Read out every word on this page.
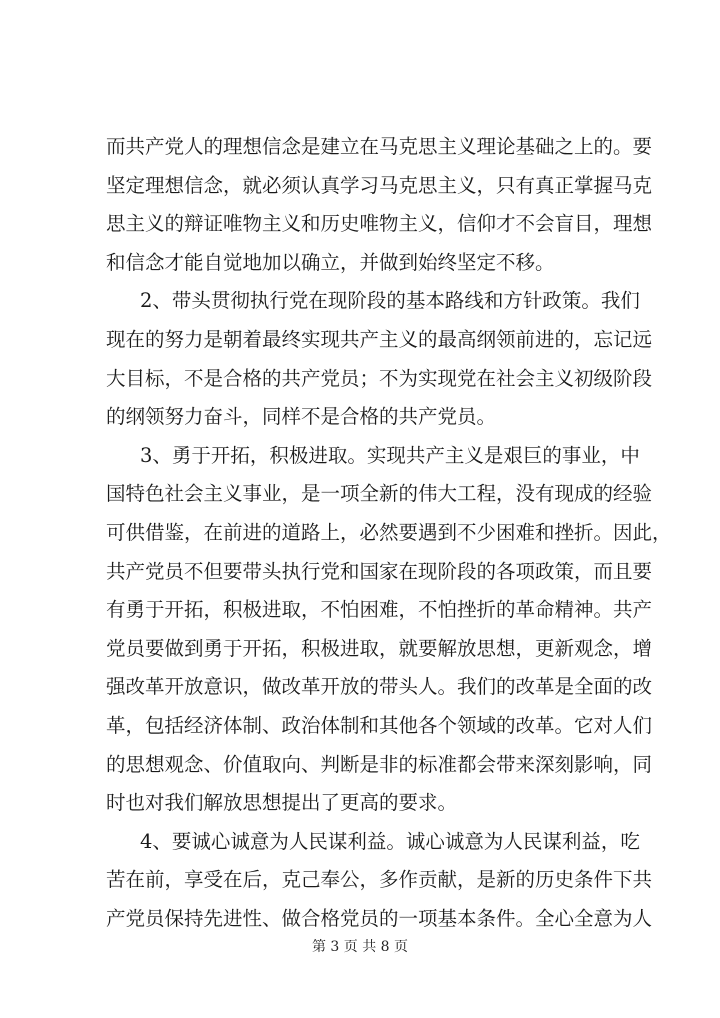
而共产党人的理想信念是建立在马克思主义理论基础之上的。要
坚定理想信念，就必须认真学习马克思主义，只有真正掌握马克
思主义的辩证唯物主义和历史唯物主义，信仰才不会盲目，理想
和信念才能自觉地加以确立，并做到始终坚定不移。
2、带头贯彻执行党在现阶段的基本路线和方针政策。我们
现在的努力是朝着最终实现共产主义的最高纲领前进的，忘记远
大目标，不是合格的共产党员；不为实现党在社会主义初级阶段
的纲领努力奋斗，同样不是合格的共产党员。
3、勇于开拓，积极进取。实现共产主义是艰巨的事业，中
国特色社会主义事业，是一项全新的伟大工程，没有现成的经验
可供借鉴，在前进的道路上，必然要遇到不少困难和挫折。因此，
共产党员不但要带头执行党和国家在现阶段的各项政策，而且要
有勇于开拓，积极进取，不怕困难，不怕挫折的革命精神。共产
党员要做到勇于开拓，积极进取，就要解放思想，更新观念，增
强改革开放意识，做改革开放的带头人。我们的改革是全面的改
革，包括经济体制、政治体制和其他各个领域的改革。它对人们
的思想观念、价值取向、判断是非的标准都会带来深刻影响，同
时也对我们解放思想提出了更高的要求。
4、要诚心诚意为人民谋利益。诚心诚意为人民谋利益，吃
苦在前，享受在后，克己奉公，多作贡献，是新的历史条件下共
产党员保持先进性、做合格党员的一项基本条件。全心全意为人
第 3 页 共 8 页
